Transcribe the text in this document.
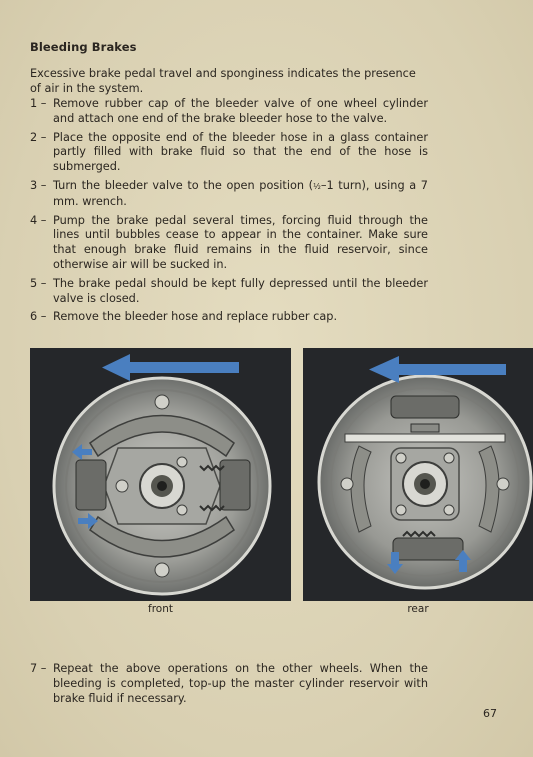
Bleeding Brakes
Excessive brake pedal travel and sponginess indicates the presence of air in the system.
1 – Remove rubber cap of the bleeder valve of one wheel cylinder and attach one end of the brake bleeder hose to the valve.
2 – Place the opposite end of the bleeder hose in a glass container partly filled with brake fluid so that the end of the hose is submerged.
3 – Turn the bleeder valve to the open position (½–1 turn), using a 7 mm. wrench.
4 – Pump the brake pedal several times, forcing fluid through the lines until bubbles cease to appear in the container. Make sure that enough brake fluid remains in the fluid reservoir, since otherwise air will be sucked in.
5 – The brake pedal should be kept fully depressed until the bleeder valve is closed.
6 – Remove the bleeder hose and replace rubber cap.
front	rear
7 – Repeat the above operations on the other wheels. When the bleeding is completed, top-up the master cylinder reservoir with brake fluid if necessary.
67
